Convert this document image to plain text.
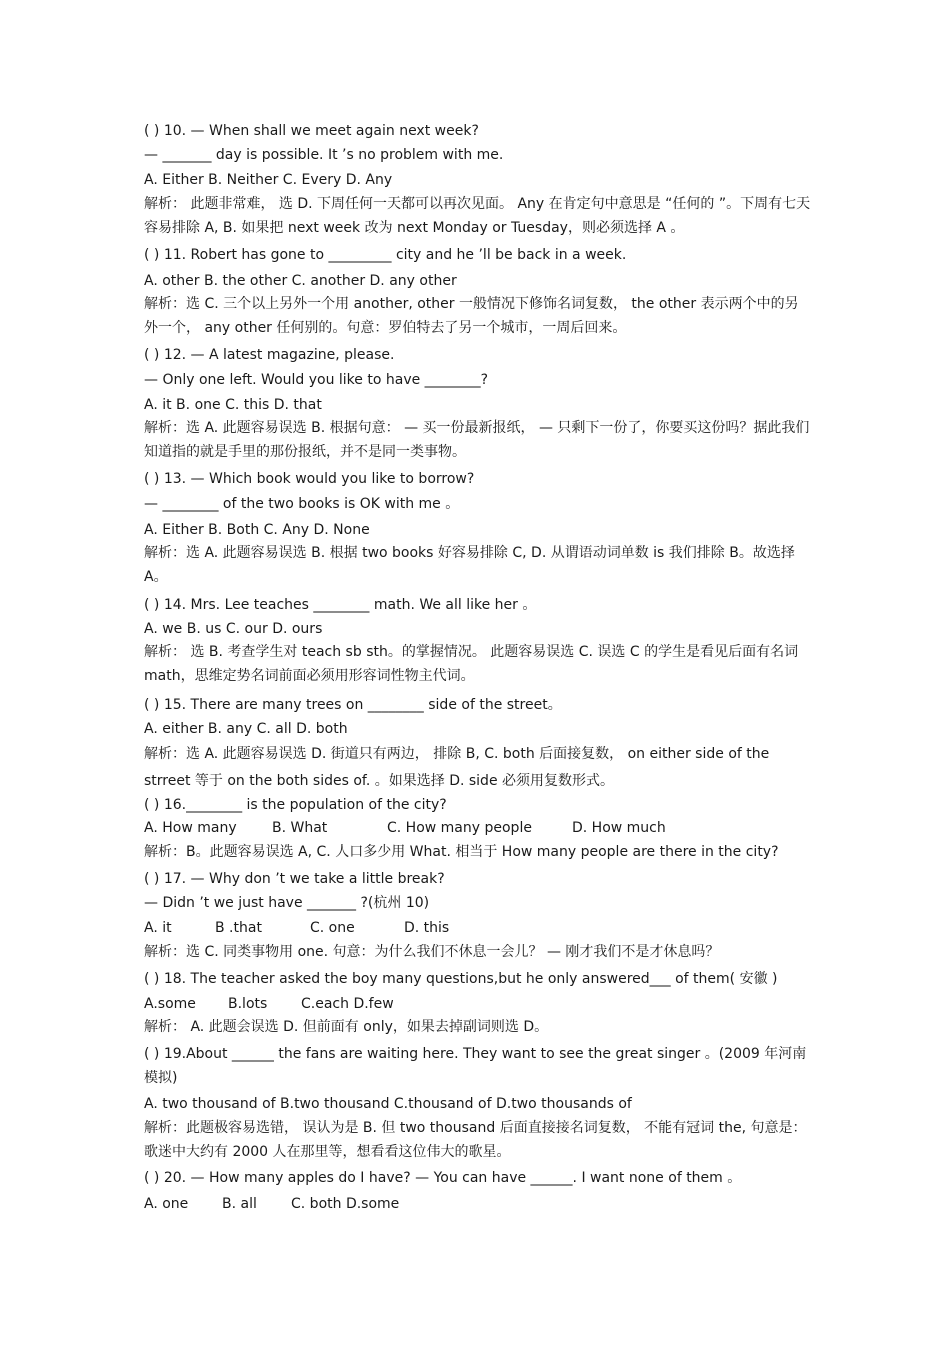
( ) 10. — When shall we meet again next week?
— _______ day is possible. It ’s no problem with me.
A. Either B. Neither C. Every D. Any
解析： 此题非常难， 选 D. 下周任何一天都可以再次见面。 Any 在肯定句中意思是 “任何的 ”。下周有七天容易排除 A, B. 如果把 next week 改为 next Monday or Tuesday，则必须选择 A 。
( ) 11. Robert has gone to _________ city and he ’ll be back in a week.
A. other B. the other C. another D. any other
解析：选 C. 三个以上另外一个用 another, other 一般情况下修饰名词复数， the other 表示两个中的另外一个， any other 任何别的。句意：罗伯特去了另一个城市，一周后回来。
( ) 12. — A latest magazine, please.
— Only one left. Would you like to have ________?
A. it B. one C. this D. that
解析：选 A. 此题容易误选 B. 根据句意： — 买一份最新报纸， — 只剩下一份了，你要买这份吗？据此我们知道指的就是手里的那份报纸，并不是同一类事物。
( ) 13. — Which book would you like to borrow?
— ________ of the two books is OK with me 。
A. Either B. Both C. Any D. None
解析：选 A. 此题容易误选 B. 根据 two books 好容易排除 C, D. 从谓语动词单数 is 我们排除 B。故选择 A。
( ) 14. Mrs. Lee teaches ________ math. We all like her 。
A. we B. us C. our D. ours
解析： 选 B. 考查学生对 teach sb sth。的掌握情况。 此题容易误选 C. 误选 C 的学生是看见后面有名词 math，思维定势名词前面必须用形容词性物主代词。
( ) 15. There are many trees on ________ side of the street。
A. either B. any C. all D. both
解析：选 A. 此题容易误选 D. 街道只有两边， 排除 B, C. both 后面接复数， on either side of the strreet 等于 on the both sides of. 。如果选择 D. side 必须用复数形式。
( ) 16.________ is the population of the city?
A. How many	B. What	C. How many people	D. How much
解析：B。此题容易误选 A, C. 人口多少用 What. 相当于 How many people are there in the city?
( ) 17. — Why don ’t we take a little break?
— Didn ’t we just have _______ ?(杭州 10)
A. it	B .that	C. one	D. this
解析：选 C. 同类事物用 one. 句意：为什么我们不休息一会儿？ — 刚才我们不是才休息吗？
( ) 18. The teacher asked the boy many questions,but he only answered___ of them( 安徽 )
A.some B.lots C.each D.few
解析： A. 此题会误选 D. 但前面有 only，如果去掉副词则选 D。
( ) 19.About ______ the fans are waiting here. They want to see the great singer 。(2009 年河南模拟)
A. two thousand of B.two thousand C.thousand of D.two thousands of
解析：此题极容易选错， 误认为是 B. 但 two thousand 后面直接接名词复数， 不能有冠词 the, 句意是：歌迷中大约有 2000 人在那里等，想看看这位伟大的歌星。
( ) 20. — How many apples do I have? — You can have ______. I want none of them 。
A. one B. all C. both D.some
